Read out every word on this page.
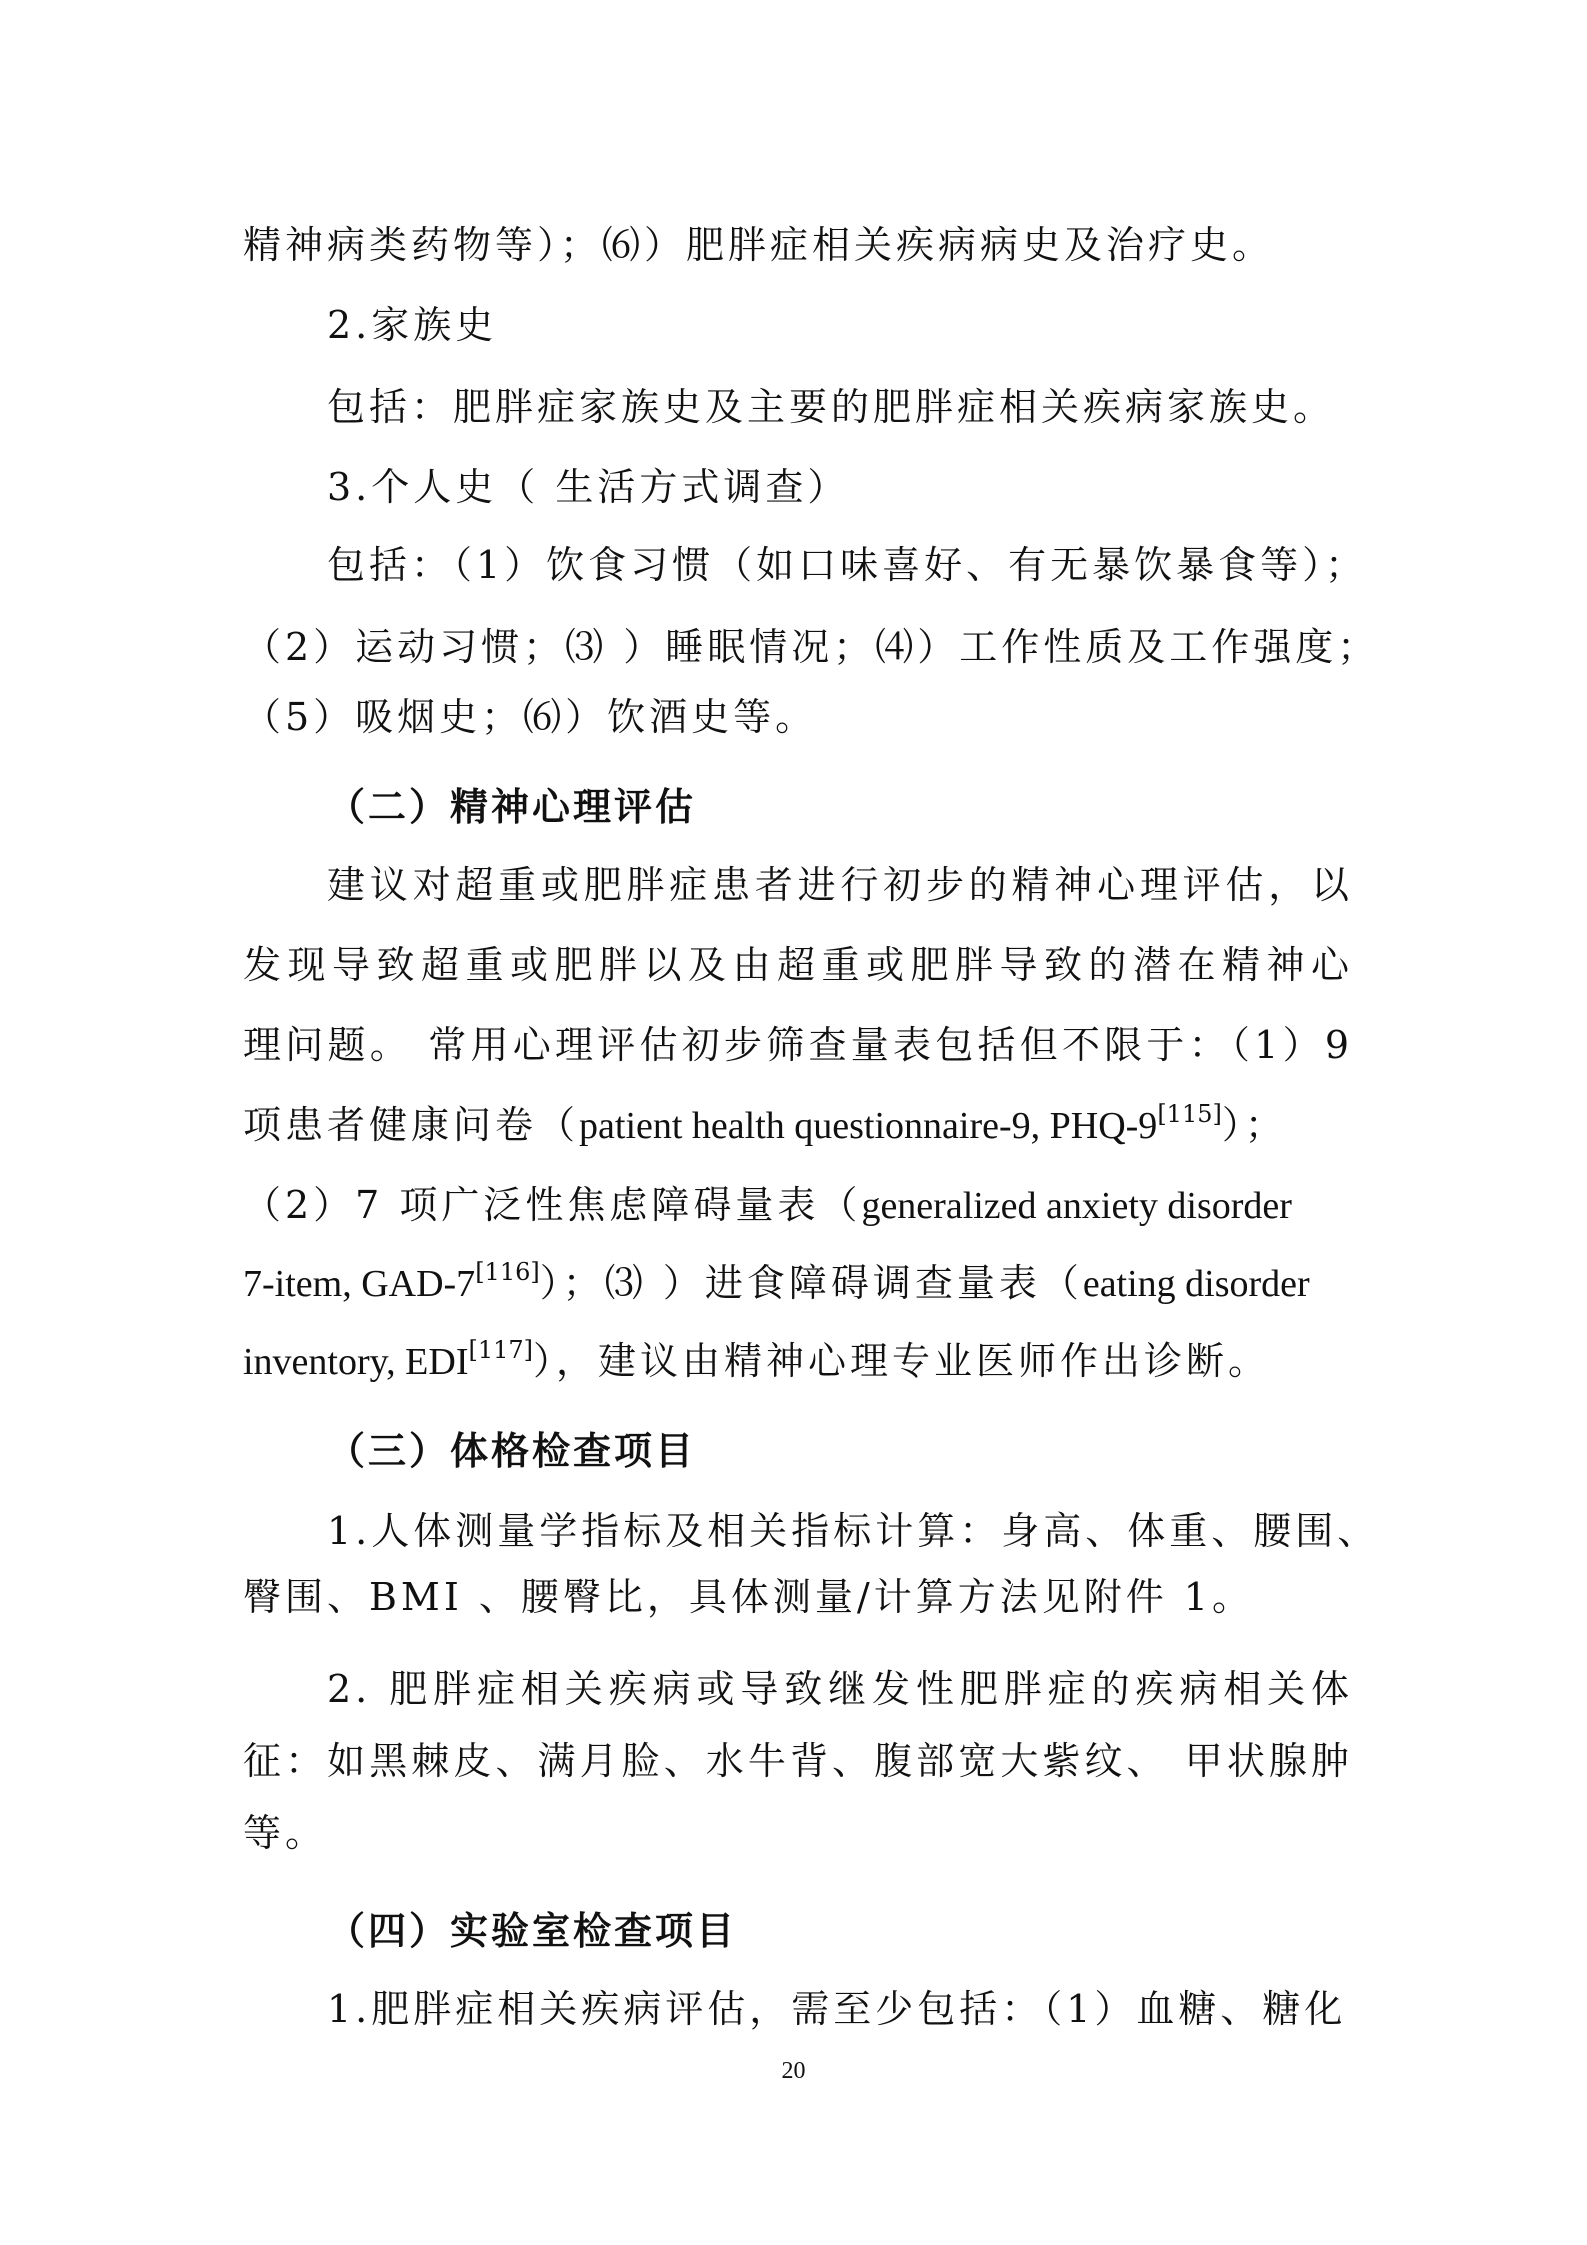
精神病类药物等）；⑹）肥胖症相关疾病病史及治疗史。
2.家族史
包括：肥胖症家族史及主要的肥胖症相关疾病家族史。
3.个人史（ 生活方式调查）
包括：（1）饮食习惯（如口味喜好、有无暴饮暴食等）；
（2）运动习惯；⑶ ）睡眠情况；⑷）工作性质及工作强度；
（5）吸烟史；⑹）饮酒史等。
（二）精神心理评估
建议对超重或肥胖症患者进行初步的精神心理评估，以
发现导致超重或肥胖以及由超重或肥胖导致的潜在精神心
理问题。 常用心理评估初步筛查量表包括但不限于：（1）9
项患者健康问卷（patient health questionnaire-9, PHQ-9[115]）；
（2）7 项广泛性焦虑障碍量表（generalized anxiety disorder
7-item, GAD-7[116]）；⑶ ）进食障碍调查量表（eating disorder
inventory, EDI[117]），建议由精神心理专业医师作出诊断。
（三）体格检查项目
1.人体测量学指标及相关指标计算：身高、体重、腰围、
臀围、BMI 、腰臀比，具体测量/计算方法见附件 1。
2. 肥胖症相关疾病或导致继发性肥胖症的疾病相关体
征：如黑棘皮、满月脸、水牛背、腹部宽大紫纹、 甲状腺肿
等。
（四）实验室检查项目
1.肥胖症相关疾病评估，需至少包括：（1）血糖、糖化
20
